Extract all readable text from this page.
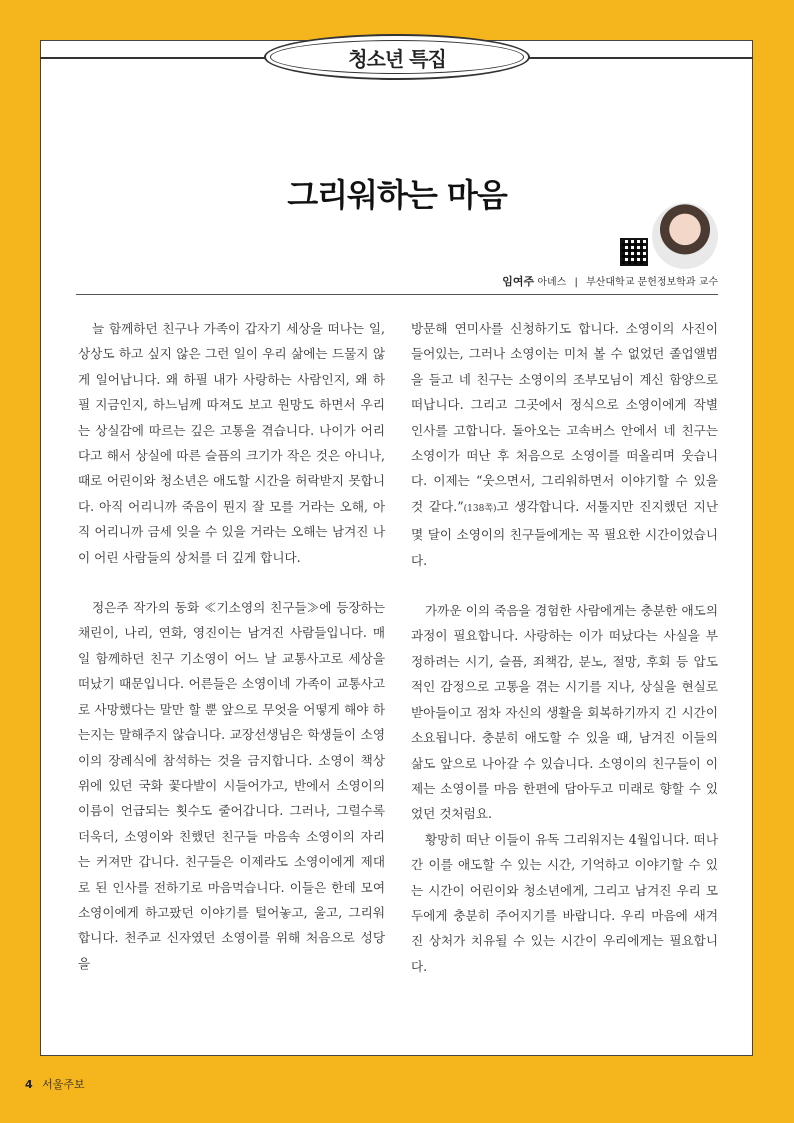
청소년 특집
그리워하는 마음
임여주 아녜스 | 부산대학교 문헌정보학과 교수

늘 함께하던 친구나 가족이 갑자기 세상을 떠나는 일, 상상도 하고 싶지 않은 그런 일이 우리 삶에는 드물지 않게 일어납니다. 왜 하필 내가 사랑하는 사람인지, 왜 하필 지금인지, 하느님께 따져도 보고 원망도 하면서 우리는 상실감에 따르는 깊은 고통을 겪습니다. 나이가 어리다고 해서 상실에 따른 슬픔의 크기가 작은 것은 아니나, 때로 어린이와 청소년은 애도할 시간을 허락받지 못합니다. 아직 어리니까 죽음이 뭔지 잘 모를 거라는 오해, 아직 어리니까 금세 잊을 수 있을 거라는 오해는 남겨진 나이 어린 사람들의 상처를 더 깊게 합니다.

정은주 작가의 동화 ≪기소영의 친구들≫에 등장하는 채린이, 나리, 연화, 영진이는 남겨진 사람들입니다. 매일 함께하던 친구 기소영이 어느 날 교통사고로 세상을 떠났기 때문입니다. 어른들은 소영이네 가족이 교통사고로 사망했다는 말만 할 뿐 앞으로 무엇을 어떻게 해야 하는지는 말해주지 않습니다. 교장선생님은 학생들이 소영이의 장례식에 참석하는 것을 금지합니다. 소영이 책상 위에 있던 국화 꽃다발이 시들어가고, 반에서 소영이의 이름이 언급되는 횟수도 줄어갑니다. 그러나, 그럴수록 더욱더, 소영이와 친했던 친구들 마음속 소영이의 자리는 커져만 갑니다. 친구들은 이제라도 소영이에게 제대로 된 인사를 전하기로 마음먹습니다. 이들은 한데 모여 소영이에게 하고팠던 이야기를 털어놓고, 울고, 그리워합니다. 천주교 신자였던 소영이를 위해 처음으로 성당을

방문해 연미사를 신청하기도 합니다. 소영이의 사진이 들어있는, 그러나 소영이는 미처 볼 수 없었던 졸업앨범을 들고 네 친구는 소영이의 조부모님이 계신 함양으로 떠납니다. 그리고 그곳에서 정식으로 소영이에게 작별 인사를 고합니다. 돌아오는 고속버스 안에서 네 친구는 소영이가 떠난 후 처음으로 소영이를 떠올리며 웃습니다. 이제는 “웃으면서, 그리워하면서 이야기할 수 있을 것 같다.”(138쪽)고 생각합니다. 서툴지만 진지했던 지난 몇 달이 소영이의 친구들에게는 꼭 필요한 시간이었습니다.

가까운 이의 죽음을 경험한 사람에게는 충분한 애도의 과정이 필요합니다. 사랑하는 이가 떠났다는 사실을 부정하려는 시기, 슬픔, 죄책감, 분노, 절망, 후회 등 압도적인 감정으로 고통을 겪는 시기를 지나, 상실을 현실로 받아들이고 점차 자신의 생활을 회복하기까지 긴 시간이 소요됩니다. 충분히 애도할 수 있을 때, 남겨진 이들의 삶도 앞으로 나아갈 수 있습니다. 소영이의 친구들이 이제는 소영이를 마음 한편에 담아두고 미래로 향할 수 있었던 것처럼요.

황망히 떠난 이들이 유독 그리워지는 4월입니다. 떠나간 이를 애도할 수 있는 시간, 기억하고 이야기할 수 있는 시간이 어린이와 청소년에게, 그리고 남겨진 우리 모두에게 충분히 주어지기를 바랍니다. 우리 마음에 새겨진 상처가 치유될 수 있는 시간이 우리에게는 필요합니다.

4 서울주보
